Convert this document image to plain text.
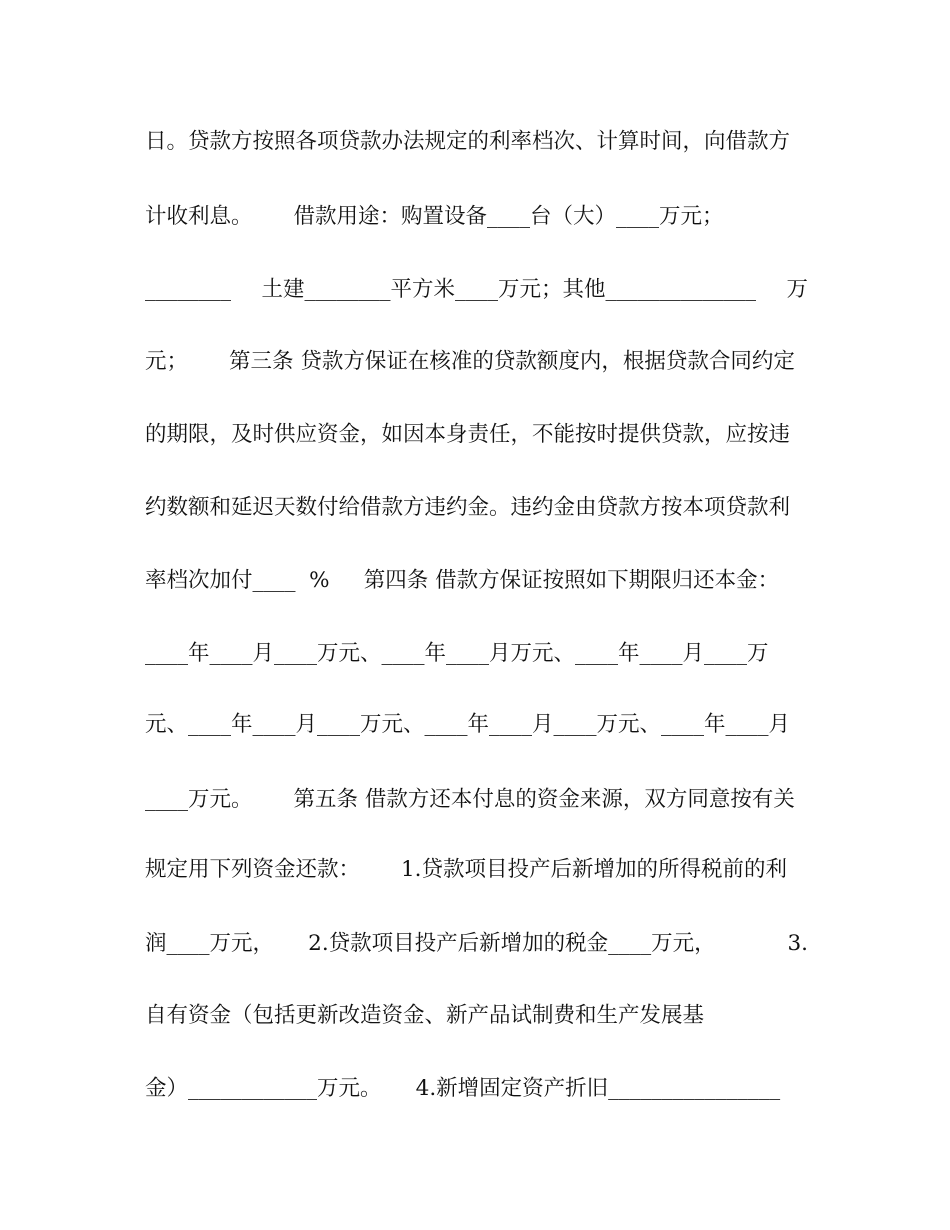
日。贷款方按照各项贷款办法规定的利率档次、计算时间，向借款方
计收利息。      借款用途：购置设备____台（大）____万元；
________ 土建________平方米____万元；其他______________ 万
元；      第三条 贷款方保证在核准的贷款额度内，根据贷款合同约定
的期限，及时供应资金，如因本身责任，不能按时提供贷款，应按违
约数额和延迟天数付给借款方违约金。违约金由贷款方按本项贷款利
率档次加付____  %     第四条 借款方保证按照如下期限归还本金：
____年____月____万元、____年____月万元、____年____月____万
元、____年____月____万元、____年____月____万元、____年____月
____万元。      第五条 借款方还本付息的资金来源，双方同意按有关
规定用下列资金还款：      1.贷款项目投产后新增加的所得税前的利
润____万元，     2.贷款项目投产后新增加的税金____万元，	3.
自有资金（包括更新改造资金、新产品试制费和生产发展基
金）____________万元。     4.新增固定资产折旧________________
